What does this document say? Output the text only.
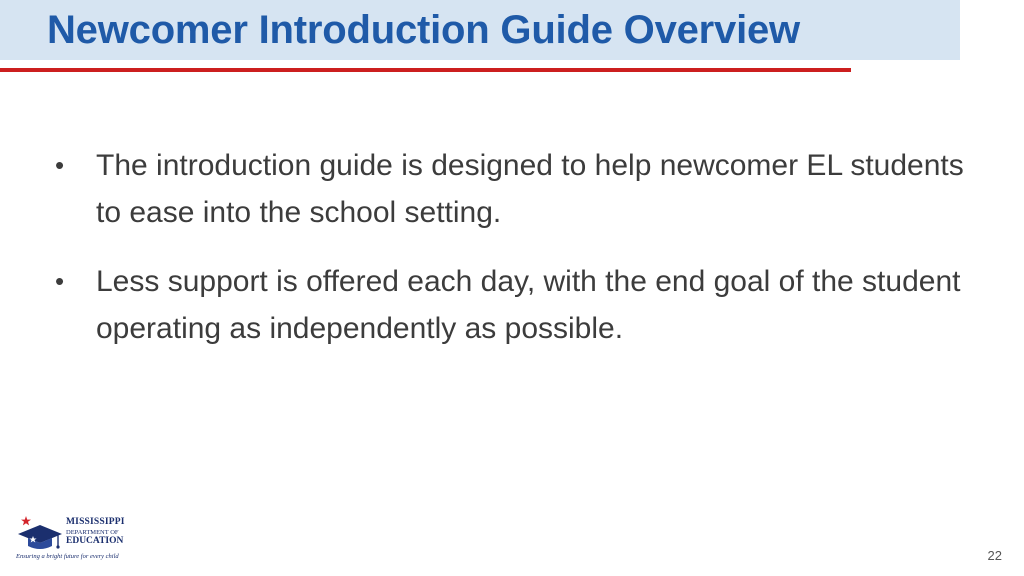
Newcomer Introduction Guide Overview
• The introduction guide is designed to help newcomer EL students to ease into the school setting.
• Less support is offered each day, with the end goal of the student operating as independently as possible.
MISSISSIPPI
DEPARTMENT OF
EDUCATION
Ensuring a bright future for every child	22
